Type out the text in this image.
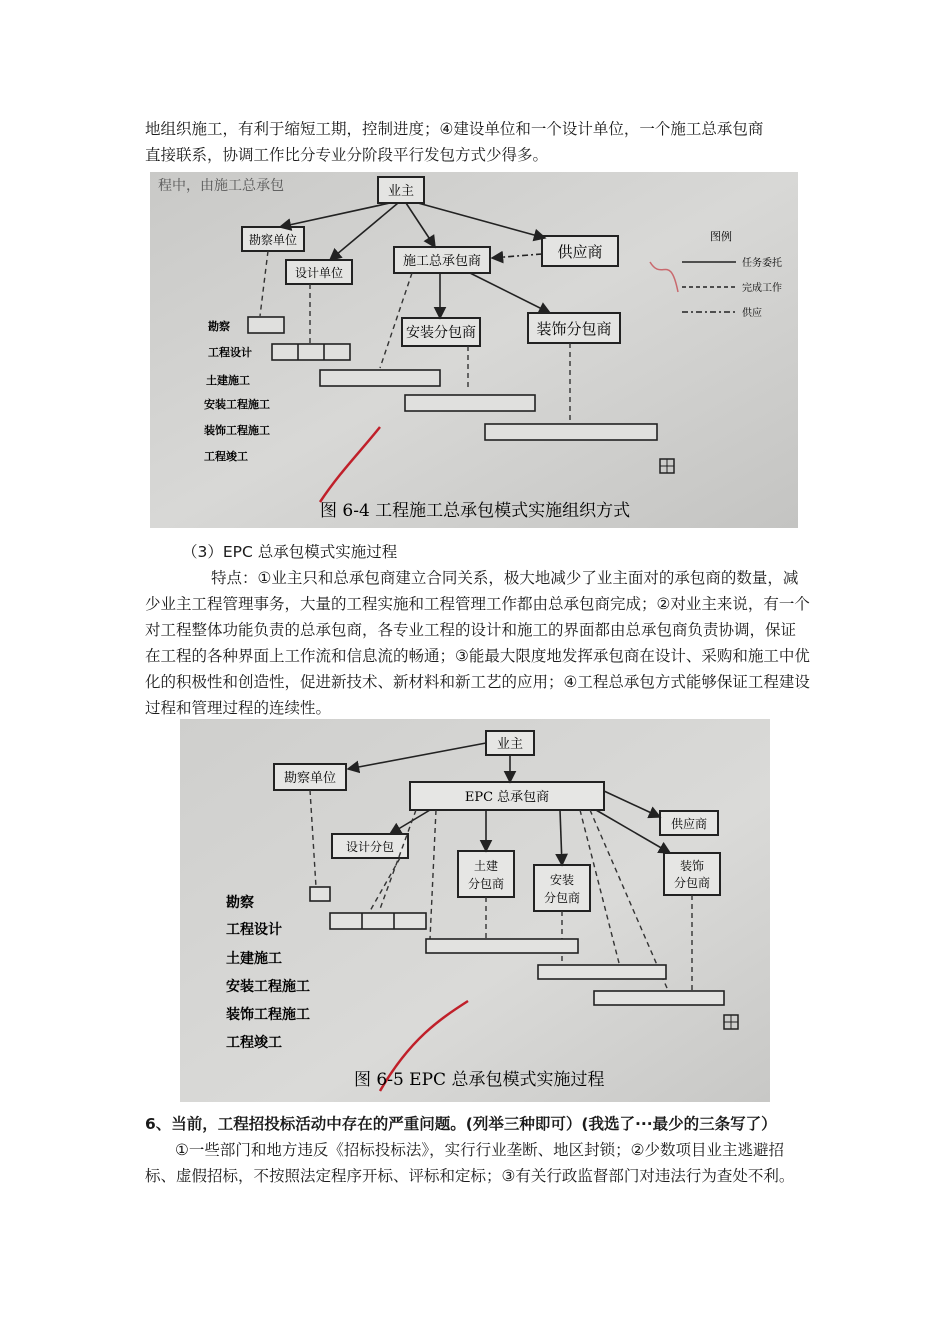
地组织施工，有利于缩短工期，控制进度；④建设单位和一个设计单位，一个施工总承包商
直接联系，协调工作比分专业分阶段平行发包方式少得多。

程中，由施工总承包	业主
勘察单位
设计单位
施工总承包商
供应商
安装分包商	装饰分包商
图例
任务委托
完成工作
供应
勘察
工程设计
土建施工
安装工程施工
装饰工程施工
工程竣工
图 6-4 工程施工总承包模式实施组织方式

（3）EPC 总承包模式实施过程

特点：①业主只和总承包商建立合同关系，极大地减少了业主面对的承包商的数量，减少业主工程管理事务，大量的工程实施和工程管理工作都由总承包商完成；②对业主来说，有一个对工程整体功能负责的总承包商，各专业工程的设计和施工的界面都由总承包商负责协调，保证在工程的各种界面上工作流和信息流的畅通；③能最大限度地发挥承包商在设计、采购和施工中优化的积极性和创造性，促进新技术、新材料和新工艺的应用；④工程总承包方式能够保证工程建设过程和管理过程的连续性。

业主
勘察单位
EPC 总承包商
供应商
设计分包
土建
分包商	安装
分包商
装饰
分包商
勘察
工程设计
土建施工
安装工程施工
装饰工程施工
工程竣工
图 6-5 EPC 总承包模式实施过程

6、当前，工程招投标活动中存在的严重问题。(列举三种即可）(我选了···最少的三条写了）

①一些部门和地方违反《招标投标法》，实行行业垄断、地区封锁；②少数项目业主逃避招标、虚假招标，不按照法定程序开标、评标和定标；③有关行政监督部门对违法行为查处不利。
